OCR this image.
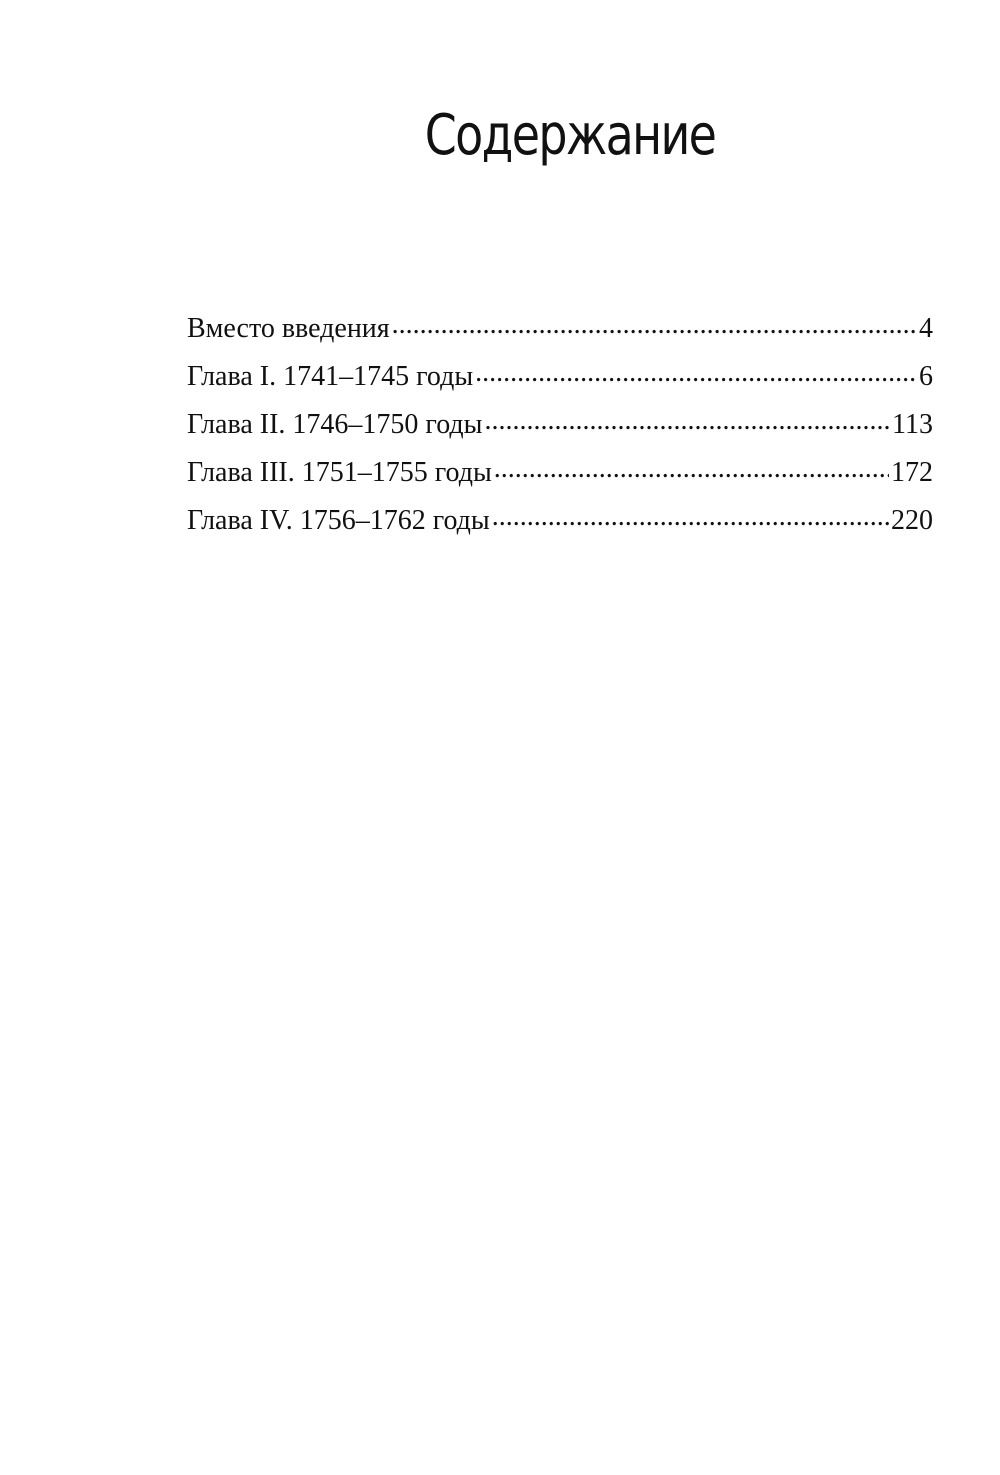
Содержание
Вместо введения .....	4
Глава I. 1741–1745 годы .....	6
Глава II. 1746–1750 годы .....	113
Глава III. 1751–1755 годы .....	172
Глава IV. 1756–1762 годы .....	220
